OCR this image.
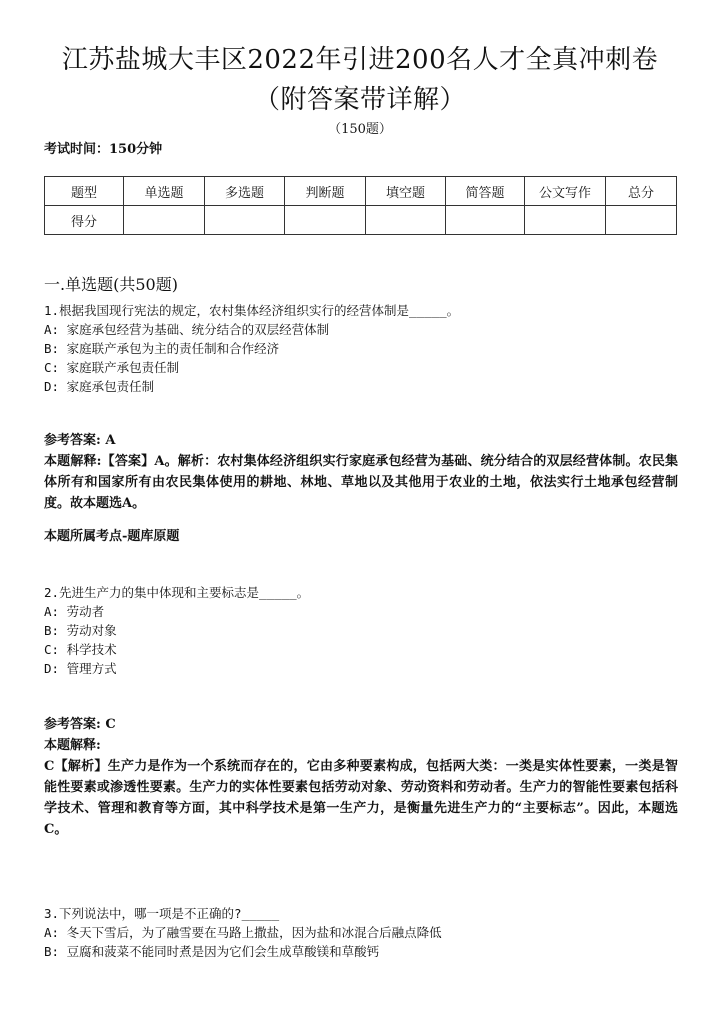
江苏盐城大丰区2022年引进200名人才全真冲刺卷
（附答案带详解）
（150题）
考试时间：150分钟
题型	单选题	多选题	判断题	填空题	简答题	公文写作	总分
得分							
一.单选题(共50题)
1.根据我国现行宪法的规定，农村集体经济组织实行的经营体制是_____。
A: 家庭承包经营为基础、统分结合的双层经营体制
B: 家庭联产承包为主的责任制和合作经济
C: 家庭联产承包责任制
D: 家庭承包责任制
参考答案: A
本题解释:【答案】A。解析：农村集体经济组织实行家庭承包经营为基础、统分结合的双层经营体制。农民集体所有和国家所有由农民集体使用的耕地、林地、草地以及其他用于农业的土地，依法实行土地承包经营制度。故本题选A。
本题所属考点-题库原题
2.先进生产力的集中体现和主要标志是_____。
A: 劳动者
B: 劳动对象
C: 科学技术
D: 管理方式
参考答案: C
本题解释:
C【解析】生产力是作为一个系统而存在的，它由多种要素构成，包括两大类：一类是实体性要素，一类是智能性要素或渗透性要素。生产力的实体性要素包括劳动对象、劳动资料和劳动者。生产力的智能性要素包括科学技术、管理和教育等方面，其中科学技术是第一生产力，是衡量先进生产力的“主要标志”。因此，本题选C。
3.下列说法中，哪一项是不正确的?_____
A: 冬天下雪后，为了融雪要在马路上撒盐，因为盐和冰混合后融点降低
B: 豆腐和菠菜不能同时煮是因为它们会生成草酸镁和草酸钙
